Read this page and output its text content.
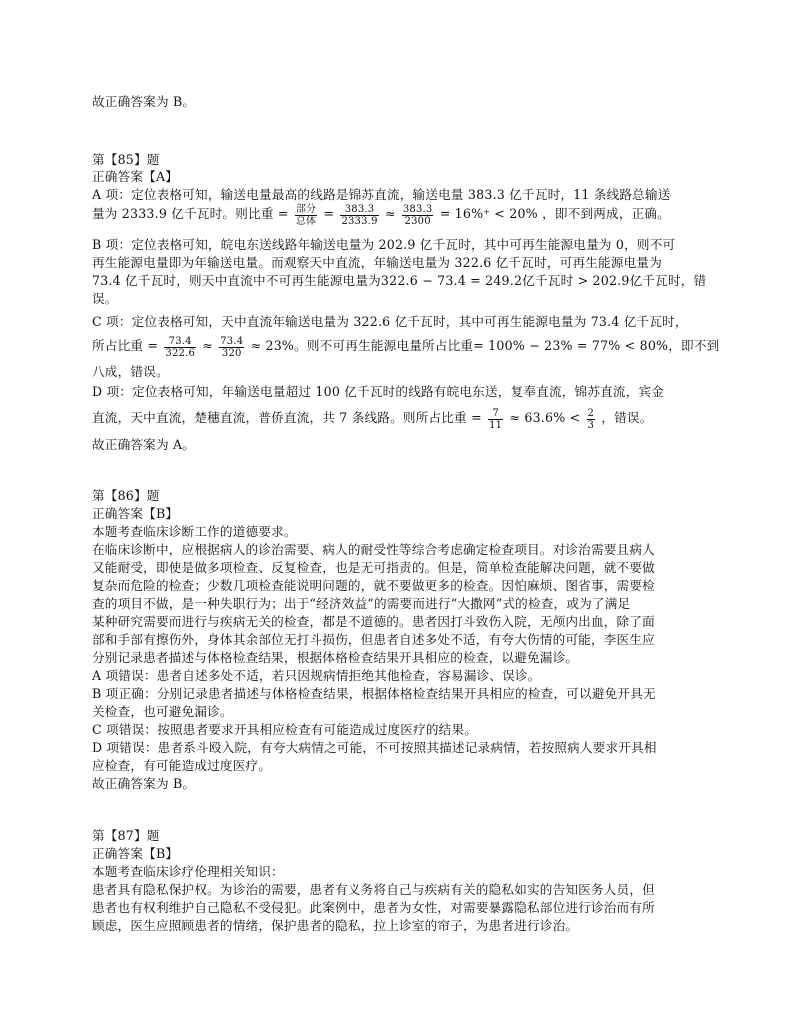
故正确答案为 B。
第【85】题
正确答案【A】
A 项：定位表格可知，输送电量最高的线路是锦苏直流，输送电量 383.3 亿千瓦时，11 条线路总输送
量为 2333.9 亿千瓦时。则比重 = $\frac{\text{部分}}{\text{总体}} = \frac{383.3}{2333.9} \approx \frac{383.3}{2300} = 16\%^+ < 20\%$ ，即不到两成，正确。
B 项：定位表格可知，皖电东送线路年输送电量为 202.9 亿千瓦时，其中可再生能源电量为 0，则不可
再生能源电量即为年输送电量。而观察天中直流，年输送电量为 322.6 亿千瓦时，可再生能源电量为
73.4 亿千瓦时，则天中直流中不可再生能源电量为322.6 − 73.4 = 249.2亿千瓦时 > 202.9亿千瓦时，错
误。
C 项：定位表格可知，天中直流年输送电量为 322.6 亿千瓦时，其中可再生能源电量为 73.4 亿千瓦时，
所占比重 = $\frac{73.4}{322.6} \approx \frac{73.4}{320} \approx 23\%$。则不可再生能源电量所占比重= 100% − 23% = 77% < 80%，即不到
八成，错误。
D 项：定位表格可知，年输送电量超过 100 亿千瓦时的线路有皖电东送，复奉直流，锦苏直流，宾金
直流，天中直流，楚穗直流，普侨直流，共 7 条线路。则所占比重 = $\frac{7}{11} \approx 63.6\% < \frac{2}{3}$ ，错误。
故正确答案为 A。
第【86】题
正确答案【B】
本题考查临床诊断工作的道德要求。
在临床诊断中，应根据病人的诊治需要、病人的耐受性等综合考虑确定检查项目。对诊治需要且病人
又能耐受，即使是做多项检查、反复检查，也是无可指责的。但是，简单检查能解决问题，就不要做
复杂而危险的检查；少数几项检查能说明问题的，就不要做更多的检查。因怕麻烦、图省事，需要检
查的项目不做，是一种失职行为；出于“经济效益”的需要而进行“大撒网”式的检查，或为了满足
某种研究需要而进行与疾病无关的检查，都是不道德的。患者因打斗致伤入院，无颅内出血，除了面
部和手部有擦伤外，身体其余部位无打斗损伤，但患者自述多处不适，有夸大伤情的可能，李医生应
分别记录患者描述与体格检查结果，根据体格检查结果开具相应的检查，以避免漏诊。
A 项错误：患者自述多处不适，若只因规病情拒绝其他检查，容易漏诊、误诊。
B 项正确：分别记录患者描述与体格检查结果，根据体格检查结果开具相应的检查，可以避免开具无
关检查，也可避免漏诊。
C 项错误：按照患者要求开具相应检查有可能造成过度医疗的结果。
D 项错误：患者系斗殴入院，有夸大病情之可能，不可按照其描述记录病情，若按照病人要求开具相
应检查，有可能造成过度医疗。
故正确答案为 B。
第【87】题
正确答案【B】
本题考查临床诊疗伦理相关知识：
患者具有隐私保护权。为诊治的需要，患者有义务将自己与疾病有关的隐私如实的告知医务人员，但
患者也有权利维护自己隐私不受侵犯。此案例中，患者为女性，对需要暴露隐私部位进行诊治而有所
顾虑，医生应照顾患者的情绪，保护患者的隐私，拉上诊室的帘子，为患者进行诊治。
